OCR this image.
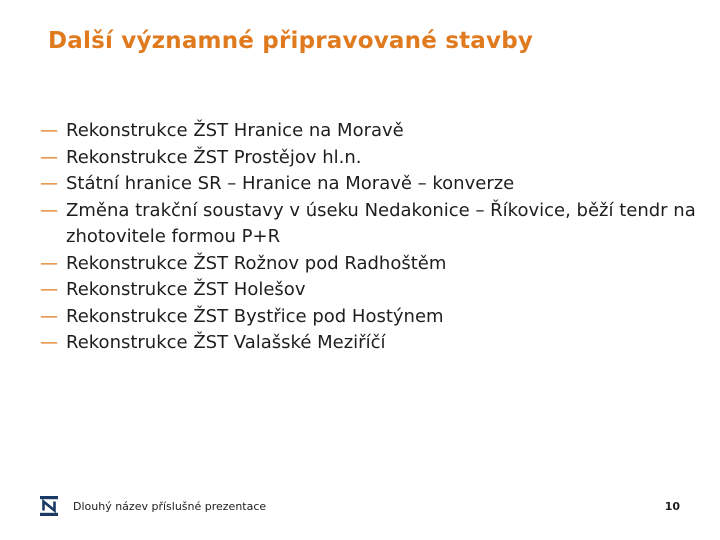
Další významné připravované stavby
— Rekonstrukce ŽST Hranice na Moravě
— Rekonstrukce ŽST Prostějov hl.n.
— Státní hranice SR – Hranice na Moravě – konverze
— Změna trakční soustavy v úseku Nedakonice – Říkovice, běží tendr na zhotovitele formou P+R
— Rekonstrukce ŽST Rožnov pod Radhoštěm
— Rekonstrukce ŽST Holešov
— Rekonstrukce ŽST Bystřice pod Hostýnem
— Rekonstrukce ŽST Valašské Meziříčí
Dlouhý název příslušné prezentace	10
